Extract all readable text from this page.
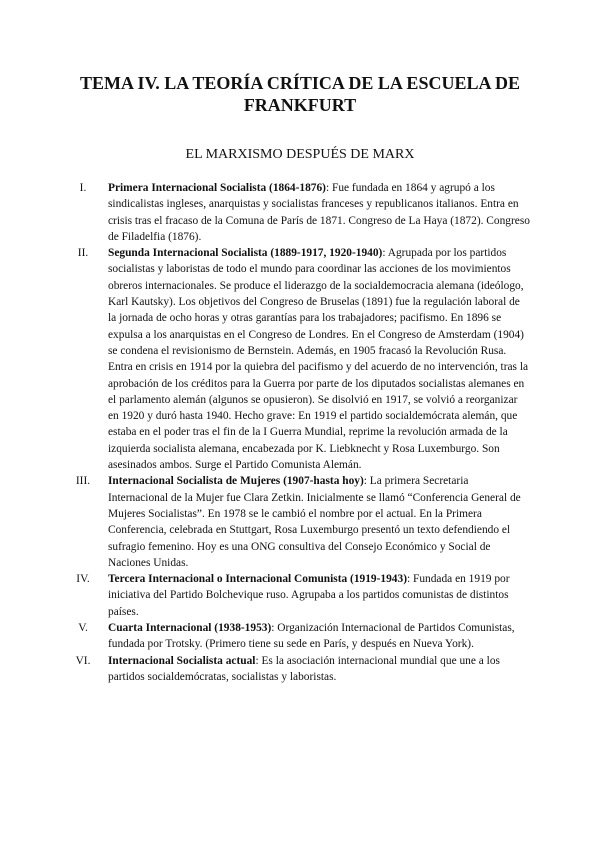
TEMA IV. LA TEORÍA CRÍTICA DE LA ESCUELA DE FRANKFURT
EL MARXISMO DESPUÉS DE MARX
I.	Primera Internacional Socialista (1864-1876): Fue fundada en 1864 y agrupó a los sindicalistas ingleses, anarquistas y socialistas franceses y republicanos italianos. Entra en crisis tras el fracaso de la Comuna de París de 1871. Congreso de La Haya (1872). Congreso de Filadelfia (1876).
II.	Segunda Internacional Socialista (1889-1917, 1920-1940): Agrupada por los partidos socialistas y laboristas de todo el mundo para coordinar las acciones de los movimientos obreros internacionales. Se produce el liderazgo de la socialdemocracia alemana (ideólogo, Karl Kautsky). Los objetivos del Congreso de Bruselas (1891) fue la regulación laboral de la jornada de ocho horas y otras garantías para los trabajadores; pacifismo. En 1896 se expulsa a los anarquistas en el Congreso de Londres. En el Congreso de Amsterdam (1904) se condena el revisionismo de Bernstein. Además, en 1905 fracasó la Revolución Rusa. Entra en crisis en 1914 por la quiebra del pacifismo y del acuerdo de no intervención, tras la aprobación de los créditos para la Guerra por parte de los diputados socialistas alemanes en el parlamento alemán (algunos se opusieron). Se disolvió en 1917, se volvió a reorganizar en 1920 y duró hasta 1940. Hecho grave: En 1919 el partido socialdemócrata alemán, que estaba en el poder tras el fin de la I Guerra Mundial, reprime la revolución armada de la izquierda socialista alemana, encabezada por K. Liebknecht y Rosa Luxemburgo. Son asesinados ambos. Surge el Partido Comunista Alemán.
III.	Internacional Socialista de Mujeres (1907-hasta hoy): La primera Secretaria Internacional de la Mujer fue Clara Zetkin. Inicialmente se llamó “Conferencia General de Mujeres Socialistas”. En 1978 se le cambió el nombre por el actual. En la Primera Conferencia, celebrada en Stuttgart, Rosa Luxemburgo presentó un texto defendiendo el sufragio femenino. Hoy es una ONG consultiva del Consejo Económico y Social de Naciones Unidas.
IV.	Tercera Internacional o Internacional Comunista (1919-1943): Fundada en 1919 por iniciativa del Partido Bolchevique ruso. Agrupaba a los partidos comunistas de distintos países.
V.	Cuarta Internacional (1938-1953): Organización Internacional de Partidos Comunistas, fundada por Trotsky. (Primero tiene su sede en París, y después en Nueva York).
VI.	Internacional Socialista actual: Es la asociación internacional mundial que une a los partidos socialdemócratas, socialistas y laboristas.
